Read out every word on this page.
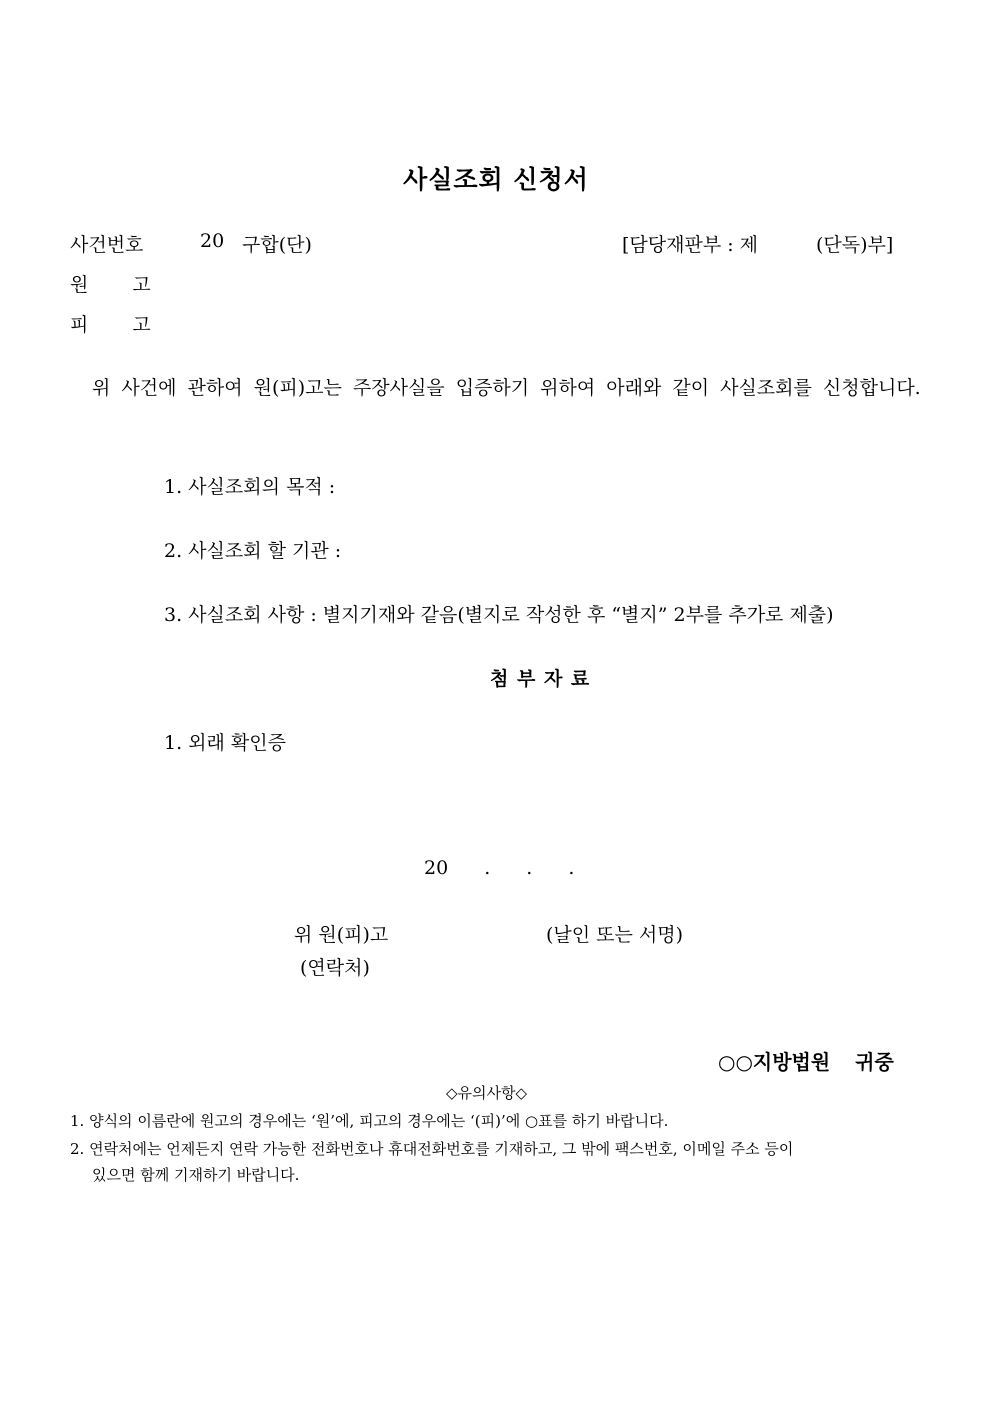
사실조회 신청서
사건번호	20 구합(단)	[담당재판부 : 제	(단독)부]
원 고
피 고
위 사건에 관하여 원(피)고는 주장사실을 입증하기 위하여 아래와 같이 사실조회를 신청합니다.
1. 사실조회의 목적 :
2. 사실조회 할 기관 :
3. 사실조회 사항 : 별지기재와 같음(별지로 작성한 후 “별지” 2부를 추가로 제출)
첨 부 자 료
1. 외래 확인증
20 . . .
위 원(피)고	(날인 또는 서명)
(연락처)
○○지방법원 귀중
◇유의사항◇
1. 양식의 이름란에 원고의 경우에는 ‘원’에, 피고의 경우에는 ‘(피)’에 ○표를 하기 바랍니다.
2. 연락처에는 언제든지 연락 가능한 전화번호나 휴대전화번호를 기재하고, 그 밖에 팩스번호, 이메일 주소 등이
있으면 함께 기재하기 바랍니다.
